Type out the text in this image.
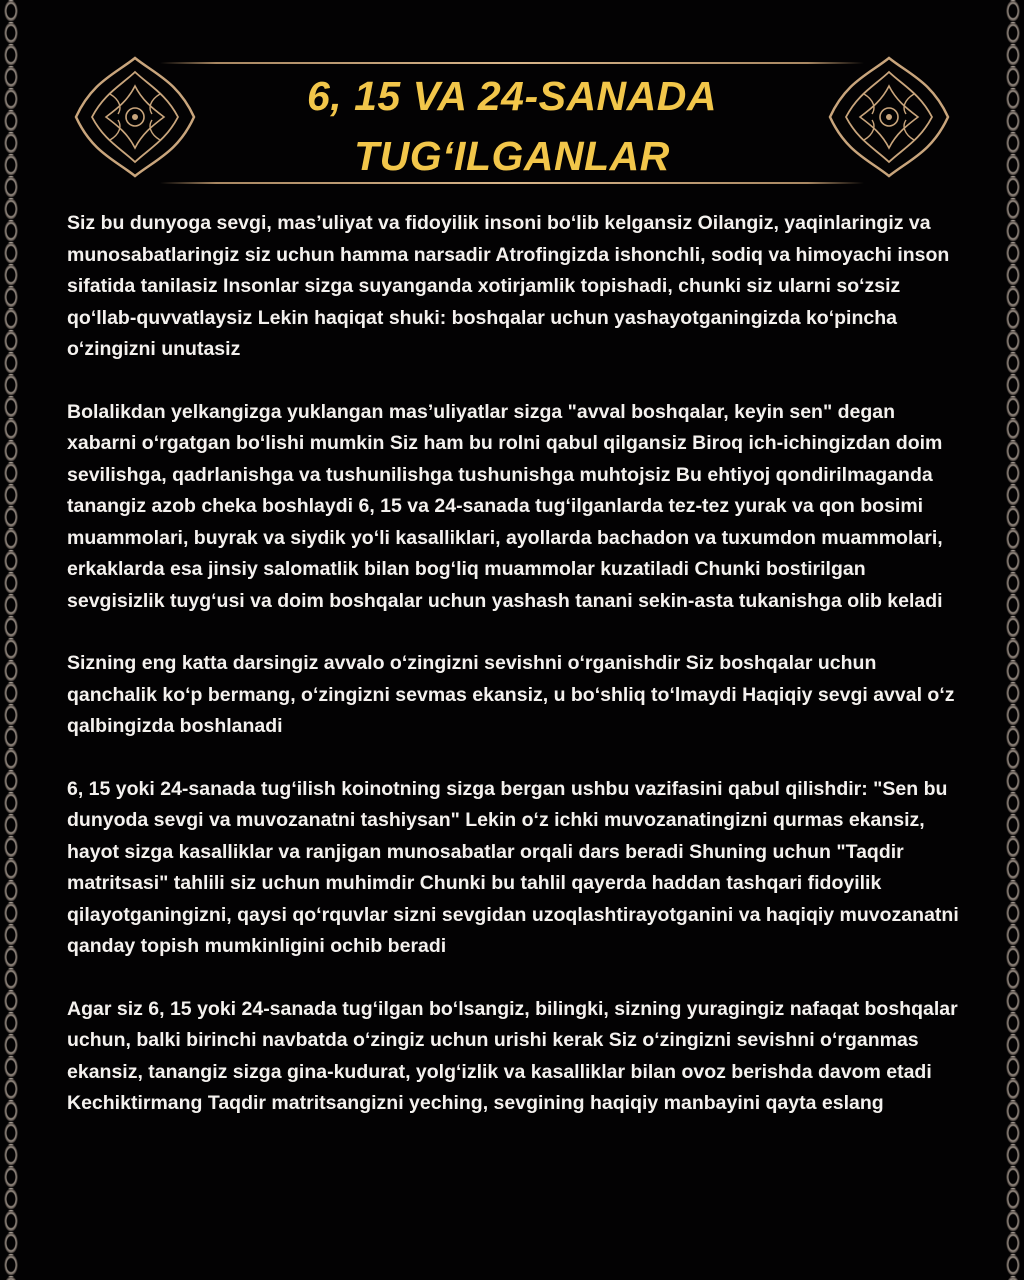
6, 15 VA 24-SANADA
TUG‘ILGANLAR

Siz bu dunyoga sevgi, mas’uliyat va fidoyilik insoni bo‘lib kelgansiz Oilangiz, yaqinlaringiz va munosabatlaringiz siz uchun hamma narsadir Atrofingizda ishonchli, sodiq va himoyachi inson sifatida tanilasiz Insonlar sizga suyanganda xotirjamlik topishadi, chunki siz ularni so‘zsiz qo‘llab-quvvatlaysiz Lekin haqiqat shuki: boshqalar uchun yashayotganingizda ko‘pincha o‘zingizni unutasiz

Bolalikdan yelkangizga yuklangan mas’uliyatlar sizga "avval boshqalar, keyin sen" degan xabarni o‘rgatgan bo‘lishi mumkin Siz ham bu rolni qabul qilgansiz Biroq ich-ichingizdan doim sevilishga, qadrlanishga va tushunilishga tushunishga muhtojsiz Bu ehtiyoj qondirilmaganda tanangiz azob cheka boshlaydi 6, 15 va 24-sanada tug‘ilganlarda tez-tez yurak va qon bosimi muammolari, buyrak va siydik yo‘li kasalliklari, ayollarda bachadon va tuxumdon muammolari, erkaklarda esa jinsiy salomatlik bilan bog‘liq muammolar kuzatiladi Chunki bostirilgan sevgisizlik tuyg‘usi va doim boshqalar uchun yashash tanani sekin-asta tukanishga olib keladi

Sizning eng katta darsingiz avvalo o‘zingizni sevishni o‘rganishdir Siz boshqalar uchun qanchalik ko‘p bermang, o‘zingizni sevmas ekansiz, u bo‘shliq to‘lmaydi Haqiqiy sevgi avval o‘z qalbingizda boshlanadi

6, 15 yoki 24-sanada tug‘ilish koinotning sizga bergan ushbu vazifasini qabul qilishdir: "Sen bu dunyoda sevgi va muvozanatni tashiysan" Lekin o‘z ichki muvozanatingizni qurmas ekansiz, hayot sizga kasalliklar va ranjigan munosabatlar orqali dars beradi Shuning uchun "Taqdir matritsasi" tahlili siz uchun muhimdir Chunki bu tahlil qayerda haddan tashqari fidoyilik qilayotganingizni, qaysi qo‘rquvlar sizni sevgidan uzoqlashtirayotganini va haqiqiy muvozanatni qanday topish mumkinligini ochib beradi

Agar siz 6, 15 yoki 24-sanada tug‘ilgan bo‘lsangiz, bilingki, sizning yuragingiz nafaqat boshqalar uchun, balki birinchi navbatda o‘zingiz uchun urishi kerak Siz o‘zingizni sevishni o‘rganmas ekansiz, tanangiz sizga gina-kudurat, yolg‘izlik va kasalliklar bilan ovoz berishda davom etadi Kechiktirmang Taqdir matritsangizni yeching, sevgining haqiqiy manbayini qayta eslang
